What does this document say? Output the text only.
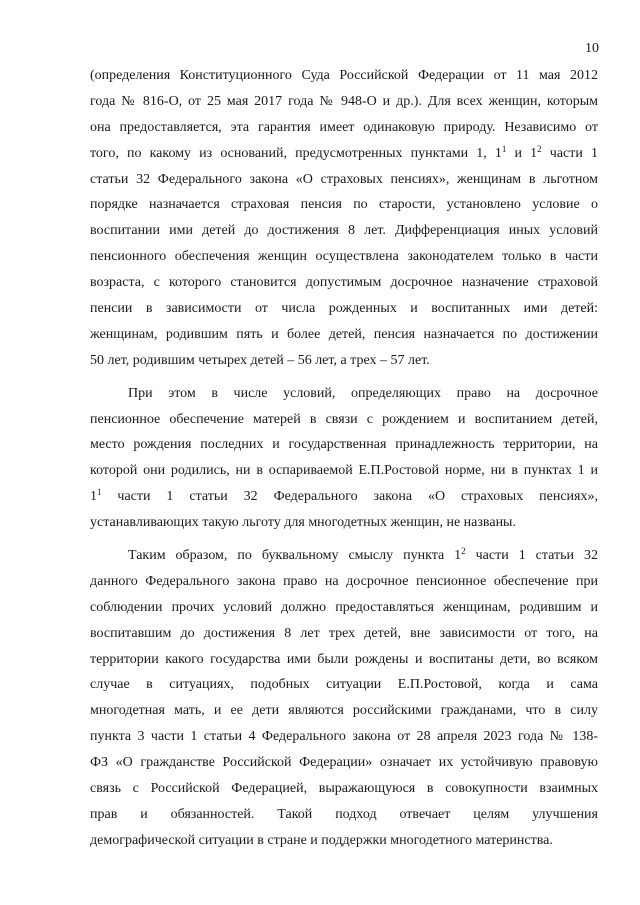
10
(определения Конституционного Суда Российской Федерации от 11 мая 2012
года № 816-О, от 25 мая 2017 года № 948-О и др.). Для всех женщин, которым
она предоставляется, эта гарантия имеет одинаковую природу. Независимо от
того, по какому из оснований, предусмотренных пунктами 1, $1^1$ и $1^2$ части 1
статьи 32 Федерального закона «О страховых пенсиях», женщинам в льготном
порядке назначается страховая пенсия по старости, установлено условие о
воспитании ими детей до достижения 8 лет. Дифференциация иных условий
пенсионного обеспечения женщин осуществлена законодателем только в части
возраста, с которого становится допустимым досрочное назначение страховой
пенсии в зависимости от числа рожденных и воспитанных ими детей:
женщинам, родившим пять и более детей, пенсия назначается по достижении
50 лет, родившим четырех детей – 56 лет, а трех – 57 лет.
При этом в числе условий, определяющих право на досрочное
пенсионное обеспечение матерей в связи с рождением и воспитанием детей,
место рождения последних и государственная принадлежность территории, на
которой они родились, ни в оспариваемой Е.П.Ростовой норме, ни в пунктах 1 и
$1^1$ части 1 статьи 32 Федерального закона «О страховых пенсиях»,
устанавливающих такую льготу для многодетных женщин, не названы.
Таким образом, по буквальному смыслу пункта $1^2$ части 1 статьи 32
данного Федерального закона право на досрочное пенсионное обеспечение при
соблюдении прочих условий должно предоставляться женщинам, родившим и
воспитавшим до достижения 8 лет трех детей, вне зависимости от того, на
территории какого государства ими были рождены и воспитаны дети, во всяком
случае в ситуациях, подобных ситуации Е.П.Ростовой, когда и сама
многодетная мать, и ее дети являются российскими гражданами, что в силу
пункта 3 части 1 статьи 4 Федерального закона от 28 апреля 2023 года № 138-
ФЗ «О гражданстве Российской Федерации» означает их устойчивую правовую
связь с Российской Федерацией, выражающуюся в совокупности взаимных
прав и обязанностей. Такой подход отвечает целям улучшения
демографической ситуации в стране и поддержки многодетного материнства.
